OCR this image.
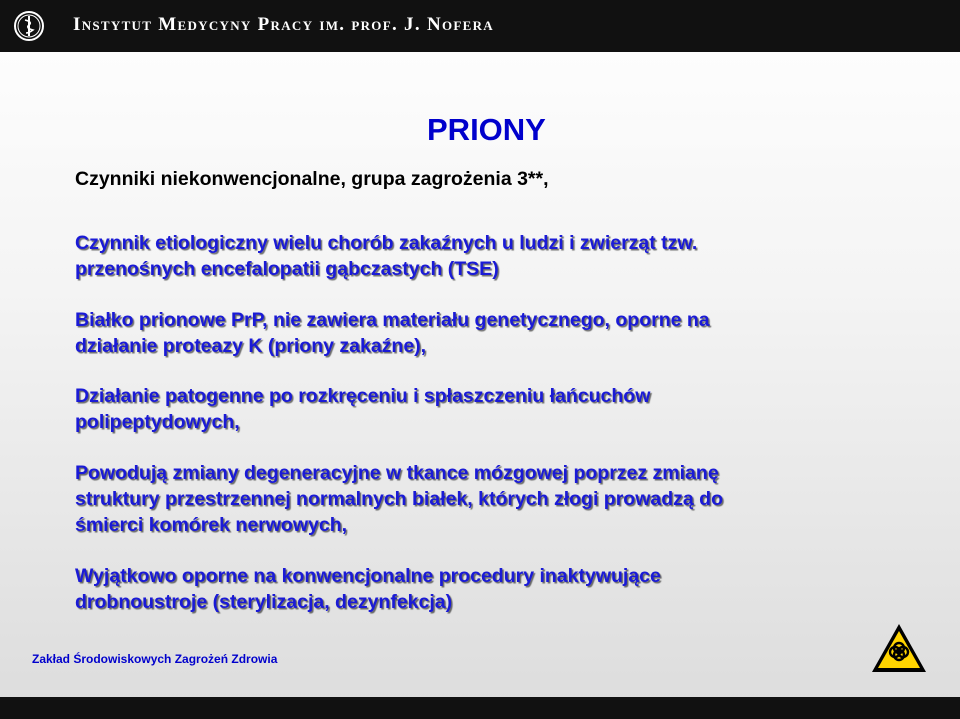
Instytut Medycyny Pracy im. prof. J. Nofera
PRIONY

Czynniki niekonwencjonalne, grupa zagrożenia 3**,

Czynnik etiologiczny wielu chorób zakaźnych u ludzi i zwierząt tzw.

przenośnych encefalopatii gąbczastych (TSE)

Białko prionowe PrP, nie zawiera materiału genetycznego, oporne na

działanie proteazy K (priony zakaźne),

Działanie patogenne po rozkręceniu i spłaszczeniu łańcuchów

polipeptydowych,

Powodują zmiany degeneracyjne w tkance mózgowej poprzez zmianę

struktury przestrzennej normalnych białek, których złogi prowadzą do

śmierci komórek nerwowych,

Wyjątkowo oporne na konwencjonalne procedury inaktywujące

drobnoustroje (sterylizacja, dezynfekcja)

Zakład Środowiskowych Zagrożeń Zdrowia
